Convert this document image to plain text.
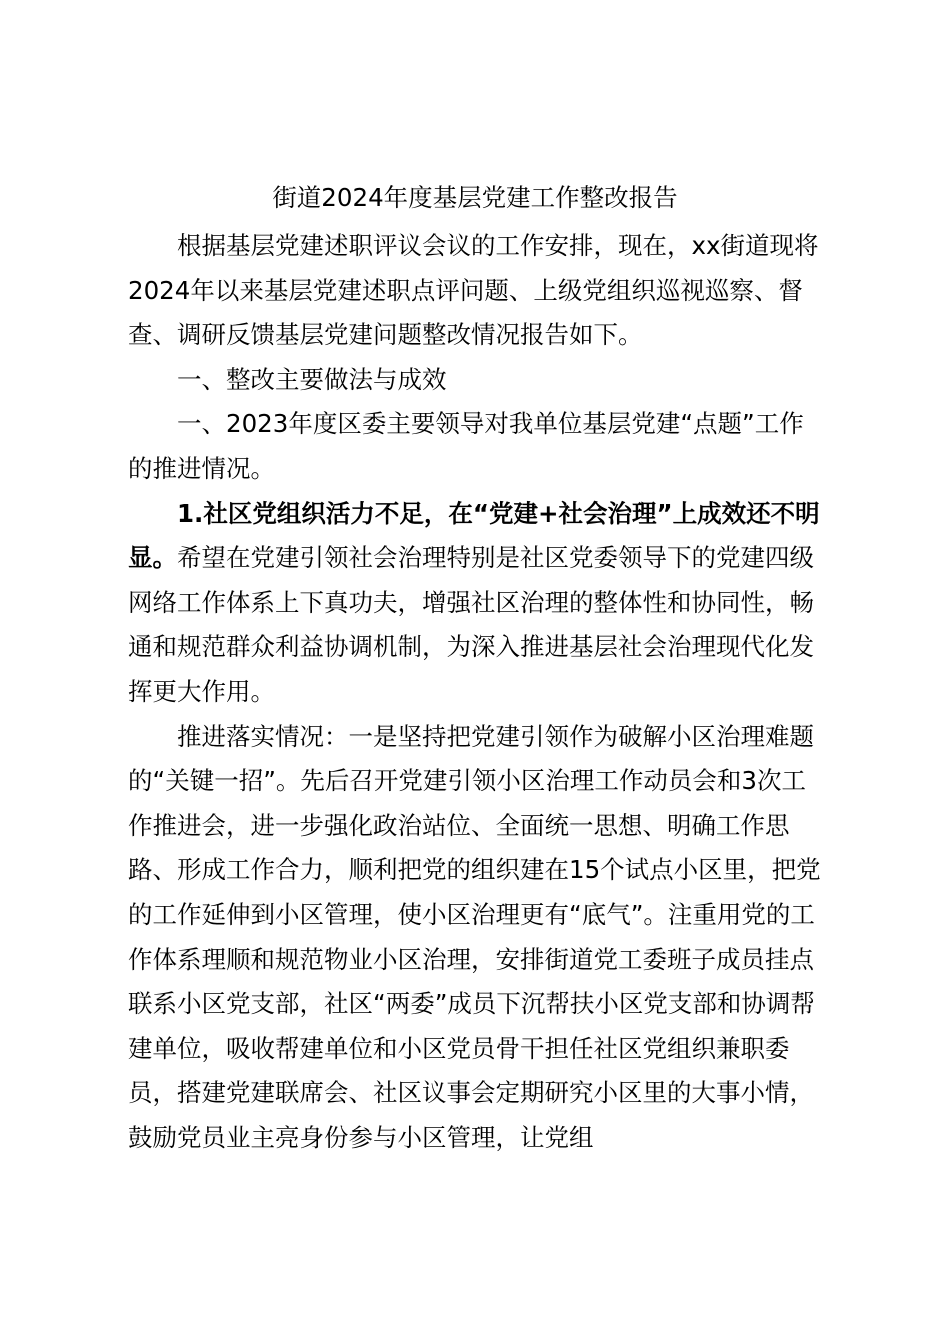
街道2024年度基层党建工作整改报告

根据基层党建述职评议会议的工作安排，现在，xx街道现将2024年以来基层党建述职点评问题、上级党组织巡视巡察、督查、调研反馈基层党建问题整改情况报告如下。

一、整改主要做法与成效

一、2023年度区委主要领导对我单位基层党建“点题”工作的推进情况。

1.社区党组织活力不足，在“党建+社会治理”上成效还不明显。希望在党建引领社会治理特别是社区党委领导下的党建四级网络工作体系上下真功夫，增强社区治理的整体性和协同性，畅通和规范群众利益协调机制，为深入推进基层社会治理现代化发挥更大作用。

推进落实情况：一是坚持把党建引领作为破解小区治理难题的“关键一招”。先后召开党建引领小区治理工作动员会和3次工作推进会，进一步强化政治站位、全面统一思想、明确工作思路、形成工作合力，顺利把党的组织建在15个试点小区里，把党的工作延伸到小区管理，使小区治理更有“底气”。注重用党的工作体系理顺和规范物业小区治理，安排街道党工委班子成员挂点联系小区党支部，社区“两委”成员下沉帮扶小区党支部和协调帮建单位，吸收帮建单位和小区党员骨干担任社区党组织兼职委员，搭建党建联席会、社区议事会定期研究小区里的大事小情，鼓励党员业主亮身份参与小区管理，让党组
